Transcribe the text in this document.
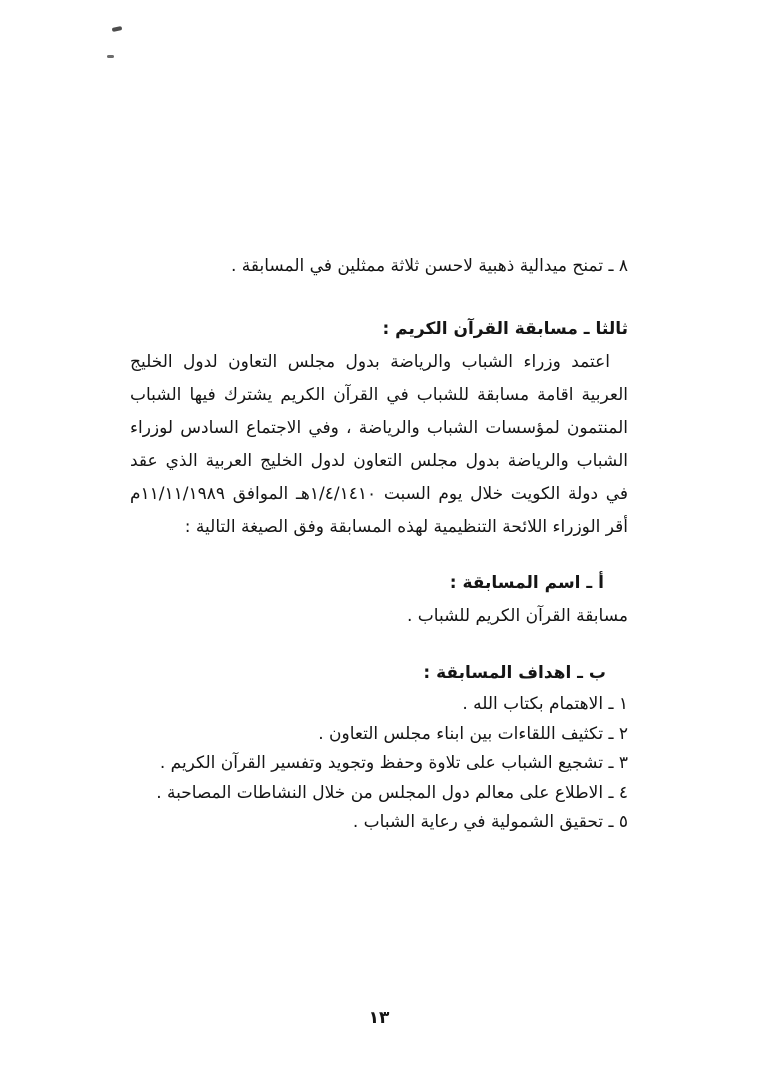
٨ ـ تمنح ميدالية ذهبية لاحسن ثلاثة ممثلين في المسابقة .

ثالثا ـ مسابقة القرآن الكريم :

اعتمد وزراء الشباب والرياضة بدول مجلس التعاون لدول الخليج العربية اقامة مسابقة للشباب في القرآن الكريم يشترك فيها الشباب المنتمون لمؤسسات الشباب والرياضة ، وفي الاجتماع السادس لوزراء الشباب والرياضة بدول مجلس التعاون لدول الخليج العربية الذي عقد في دولة الكويت خلال يوم السبت ١/٤/١٤١٠هـ الموافق ١١/١١/١٩٨٩م أقر الوزراء اللائحة التنظيمية لهذه المسابقة وفق الصيغة التالية :

أ ـ اسم المسابقة :

مسابقة القرآن الكريم للشباب .

ب ـ اهداف المسابقة :

١ ـ الاهتمام بكتاب الله .

٢ ـ تكثيف اللقاءات بين ابناء مجلس التعاون .

٣ ـ تشجيع الشباب على تلاوة وحفظ وتجويد وتفسير القرآن الكريم .

٤ ـ الاطلاع على معالم دول المجلس من خلال النشاطات المصاحبة .

٥ ـ تحقيق الشمولية في رعاية الشباب .

١٣
